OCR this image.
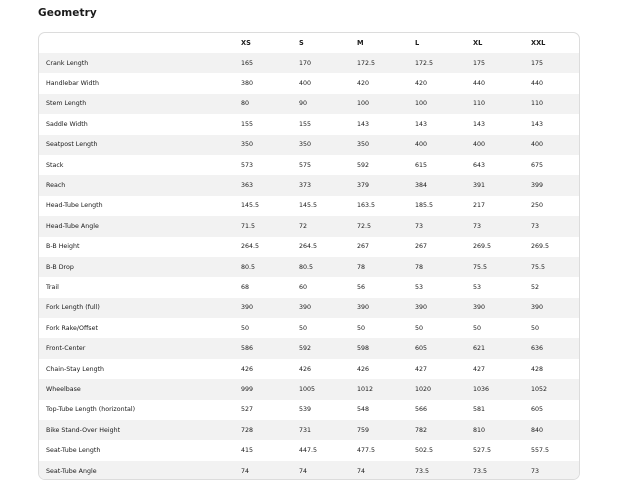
Geometry
	XS	S	M	L	XL	XXL
Crank Length	165	170	172.5	172.5	175	175
Handlebar Width	380	400	420	420	440	440
Stem Length	80	90	100	100	110	110
Saddle Width	155	155	143	143	143	143
Seatpost Length	350	350	350	400	400	400
Stack	573	575	592	615	643	675
Reach	363	373	379	384	391	399
Head-Tube Length	145.5	145.5	163.5	185.5	217	250
Head-Tube Angle	71.5	72	72.5	73	73	73
B-B Height	264.5	264.5	267	267	269.5	269.5
B-B Drop	80.5	80.5	78	78	75.5	75.5
Trail	68	60	56	53	53	52
Fork Length (full)	390	390	390	390	390	390
Fork Rake/Offset	50	50	50	50	50	50
Front-Center	586	592	598	605	621	636
Chain-Stay Length	426	426	426	427	427	428
Wheelbase	999	1005	1012	1020	1036	1052
Top-Tube Length (horizontal)	527	539	548	566	581	605
Bike Stand-Over Height	728	731	759	782	810	840
Seat-Tube Length	415	447.5	477.5	502.5	527.5	557.5
Seat-Tube Angle	74	74	74	73.5	73.5	73
